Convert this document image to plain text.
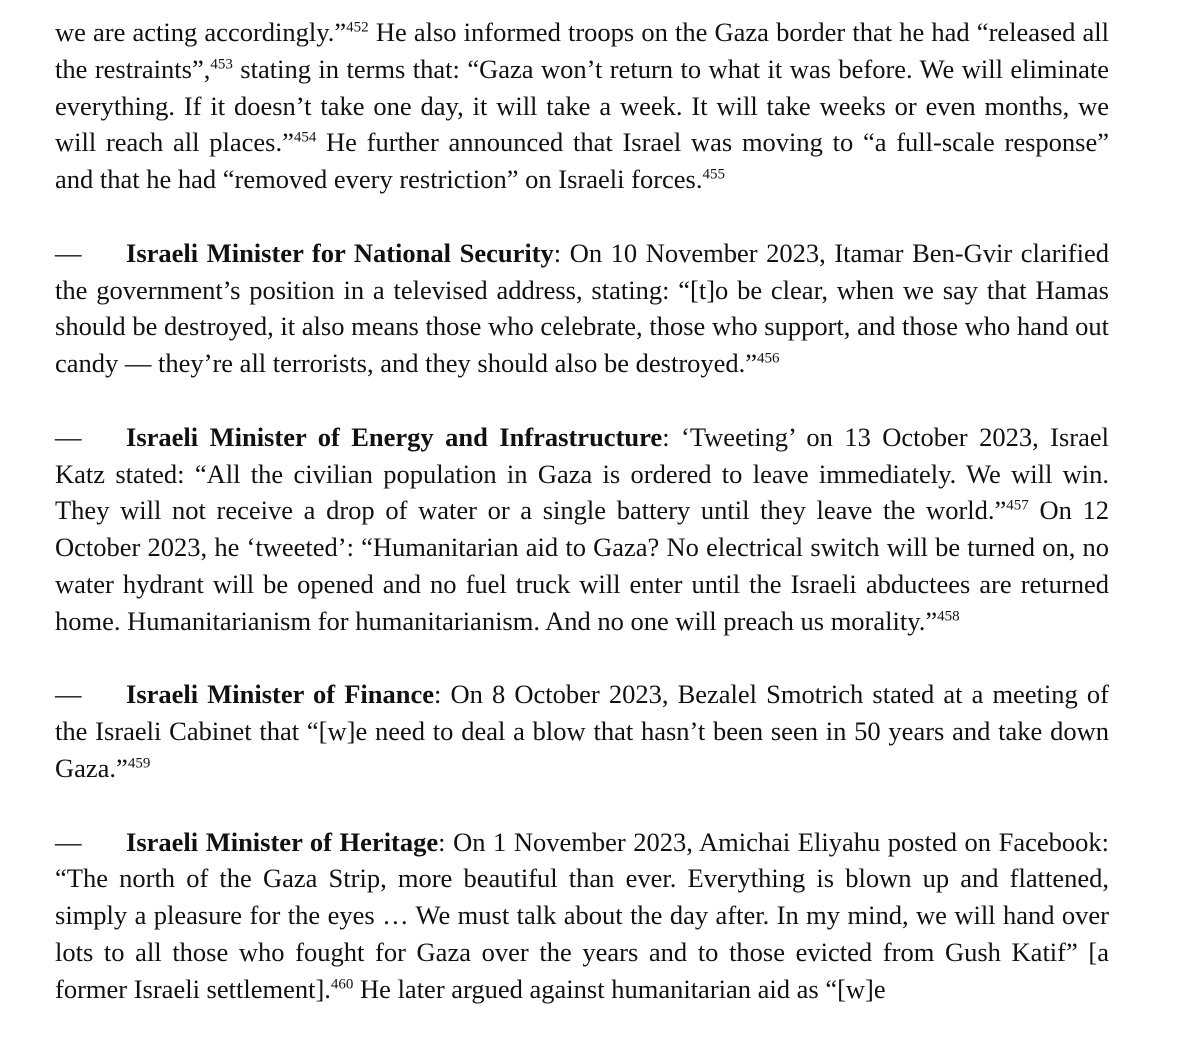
we are acting accordingly.”$^{452}$ He also informed troops on the Gaza border that he had “released all the restraints”,$^{453}$ stating in terms that: “Gaza won’t return to what it was before. We will eliminate everything. If it doesn’t take one day, it will take a week. It will take weeks or even months, we will reach all places.”$^{454}$ He further announced that Israel was moving to “a full-scale response” and that he had “removed every restriction” on Israeli forces.$^{455}$

— Israeli Minister for National Security: On 10 November 2023, Itamar Ben-Gvir clarified the government’s position in a televised address, stating: “[t]o be clear, when we say that Hamas should be destroyed, it also means those who celebrate, those who support, and those who hand out candy — they’re all terrorists, and they should also be destroyed.”$^{456}$

— Israeli Minister of Energy and Infrastructure: ‘Tweeting’ on 13 October 2023, Israel Katz stated: “All the civilian population in Gaza is ordered to leave immediately. We will win. They will not receive a drop of water or a single battery until they leave the world.”$^{457}$ On 12 October 2023, he ‘tweeted’: “Humanitarian aid to Gaza? No electrical switch will be turned on, no water hydrant will be opened and no fuel truck will enter until the Israeli abductees are returned home. Humanitarianism for humanitarianism. And no one will preach us morality.”$^{458}$

— Israeli Minister of Finance: On 8 October 2023, Bezalel Smotrich stated at a meeting of the Israeli Cabinet that “[w]e need to deal a blow that hasn’t been seen in 50 years and take down Gaza.”$^{459}$

— Israeli Minister of Heritage: On 1 November 2023, Amichai Eliyahu posted on Facebook: “The north of the Gaza Strip, more beautiful than ever. Everything is blown up and flattened, simply a pleasure for the eyes … We must talk about the day after. In my mind, we will hand over lots to all those who fought for Gaza over the years and to those evicted from Gush Katif” [a former Israeli settlement].$^{460}$ He later argued against humanitarian aid as “[w]e
